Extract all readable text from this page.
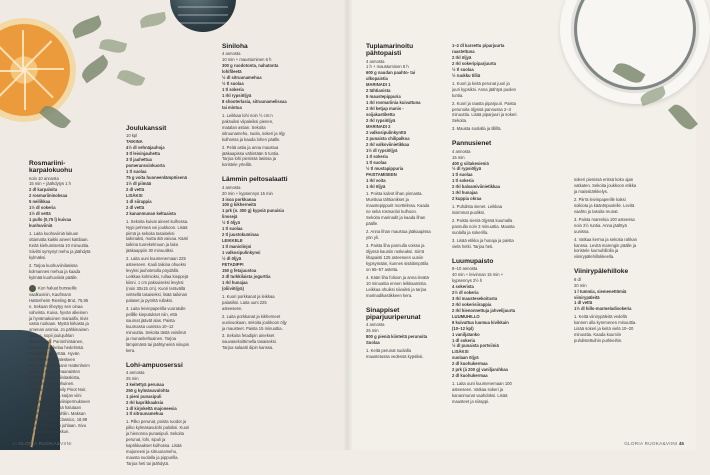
Rosmariini-karpalokuohu
noin 10 annosta
15 min + jäähdytys 1 h
2 dl karpaloita
2 rosmariininoksaa
5 neilikkaa
1½ dl sokeria
1½ dl vettä
1 pullo (0,75 l) kuivaa kuohuviiniä

1. Laita kuohuviiniä lukuun ottamatta kaikki aineet kattilaan. Keitä kiehumisesta 10 minuuttia. Siivilöi syntynyt mehu ja jäähdytä kylmäksi.

2. Tarjoa kuohuviinilasissa kolmannes mehua ja kaada kylmää kuohuviiniä päälle.

Kun haluat bursseille vaalkuvinin, Kaufmann Hattenheim Riesling Brut, 75,95 e, Sekaan tiheytyy sen oinaa vahvinta. Kuiva, hyvän alkeinen ja hyvämakuinen maraalfa, tiivis vasta ruokaan. Mystä kirkasta ja omenan aromia. Jo pähkinainen makua, sopii joulujuhlan kuohuntaan. Paroinhintainen, kotielu ja sukkelaa hedelmää. Viihdyttää ja viettää. Hyvän kivaleskeen, kivaleskeen kunnossa Kaufmann Hattenheim Riesling Brut, kanaanaisten lääkeksi Mystä viinitaskista, konsumenttinkuohuinen. Erinomainen Family Pinot Noir, 18,90 e, on upea sarjan viini vaniljalisin, punaviinipermukseen kun juhlapöydässä halutaan vivahteikkuutta juhliin. Maksan Antinori Chianti Classico, 18,99 e, on kokonainen juhlaan. Sivu on kuohuviiniherkkun.

Joulukanssit
10 kpl
TAIKINA
4½ dl vehnäjauhoja
3 tl leivinjauhetta
3 tl jauhettua pomeranssinkuorta
1 tl suolaa
75 g voita huoneenlämpöisenä
1½ dl piimää
2 dl vettä
LISÄKSI
1 dl siirappia
2 dl vettä
2 kananmunan keltuaista

1. Sekoita kuivat aineet kulhossa. Nypi pehmeä voi joukkoon. Lisää piimä ja sekoita tasaiseksi taikinaksi, mutta älä vaivaa. Kääri taikina tuorekelmuun ja laita jääkaappiin 30 minuutiksi.

2. Laita uuni kuumenemaan 225 asteeseen. Kauli taikina ohueksi levyksi jauhotetulla pöydällä. Leikkaa kolmioksi, rullaa kieppejä kiinni. 1 cm paksuiseksi levyksi (noin 30x15 cm). Kuori terävällä veitsellä tasaiseksi, lisää taikinan palaset ja pyöritä rullaksi.

3. Laita leivinpaperilla vuoratulle pellille kieputukset niin, että saumat jäävät alas. Paista kuumassa uunissa 10–12 minuuttia. Sekoita tästä voisilmä ja munankeltuainen. Tarjoa lämpimänä tai jäähtyneinä siirupin kera.

Lohi-ampuoserssi
4 annosta
25 min
3 keitettyä perunaa
250 g kylmäsavulohta
1 pieni punasipuli
2 rkl kaprikkaaksia
1 dl kirjokeltä majoneesia
1 tl sitruunamehua

1. Pilko perunat, poista ruodot ja pilko kylmäsavulohi paloiksi. Kuori ja hienonna punasipuli. Sekoita perunat, lohi, sipuli ja kaprikkaakset kulhossa. Lisää majoneesi ja sitruunamehu, mausta suolalla ja pippurilla. Tarjoa heti tai jäähdytä.

Siniloha
4 annosta
10 min + maustuminen 6 h
300 g ruodotonta, nahatonta lohifileetä
½ dl sitruunamehua
½ tl suolaa
1 tl sokeria
1 rkl rypsiöljyä
8 shooterlasia, sitruunamelissaa tai mintua

1. Leikkaa lohi noin ½ cm:n paksuiksi viipaleiksi pienen, matalan astian. Sekoita sitruunamehu, suola, sokeri ja öljy kulhossa ja kaada lohen päälle.

2. Peitä astia ja anna maustua jääkaapissa vähintään 6 tuntia. Tarjoa lohi pienissä lasissa ja koristele yrteillä.

Lämmin peltosalaatti
4 annosta
20 min + kypsennys 15 min
3 isoa porkkanaa
100 g kikherneitä
1 prk (n. 300 g) kypsiä punaisia linssejä
½ tl öljyä
1 tl suolaa
2 tl juustokuminaa
LEIKKELE
1 tl maniolinjoi
1 valkosipulinkynsi
½ dl öljyä
FETADIPPI
150 g fetajuustoa
2 dl turkkilaista jogurttia
1 rkl hunajaa
(oliiviöljyä)

1. Kuori porkkanat ja leikkaa palasiksi. Laita uuni 225 asteeseen.

2. Laita porkkanat ja kikherneet uunivuokaan, sekoita joukkoon öljy ja mausteet. Paista 15 minuuttia.

3. Sekoita fetadipin ainekset sauvasekoittimella tasaiseksi. Tarjoa salaatti dipin kanssa.

Tuplamarinoitu pähtopaisti
4 annosta
1 h + maustuminen 8 h
600 g naudan paahto- tai ulkopaistia
MARINADI 1
2 tähtianista
5 maustepippuria
1 rkl rosmariinia kuivattuna
2 rkl ketjap manis -soijakastiketta
2 rkl rypsiöljyä
MARINADI 2
2 valkosipulinkynttä
2 punaista chilipalkoa
2 rkl valkoviinietikkaa
1½ dl rypsiöljyä
1 tl sokeria
1 tl suolaa
½ tl mustapippuria
PAISTAMISEEN
1 rkl voita
1 rkl öljyä

1. Poista kalvot lihan pinnasta. Murskaa tähtianikset ja maustepippurit morttelissa. Kaada ne sekä rosmariini kulhoon. Sekoita marinadit ja kaada lihan päälle.

2. Anna lihan maustua jääkaapissa yön yli.

3. Paista liha pannulla voissa ja öljyssä kauniin ruskeaksi. Siirrä lihapaisti 125 asteeseen uuniin kypsymään, kunnes sisälämpötila on 55–57 astetta.

4. Kääri liha folioon ja anna levätä 10 minuuttia ennen leikkaamista. Leikkaa ohuiksi siivuiksi ja tarjoa marinadikastikkeen kera.

Sinappiset piparjuuriperunat
4 annosta
25 min
800 g pieniä kiinteitä perunoita
Suolaa

1. Keitä perunat suolalla maustetussa vedessä kypsiksi.

1–2 dl karsettu piparjuurta raastettuna
2 rkl öljyä
2 rkl sokeripiparjuurta
½ tl suolaa
½ ruukku tilliä

1. Kuori ja keitä perunat juuri ja juuri kypsiksi. Anna jäähtyä puolen tuntia.

2. Kuori ja raasta piparjuuri. Paista perunoita öljyssä pannussa 2–3 minuuttia. Lisää piparjuuri ja sokeri. Sekoita.

3. Mausta suolalla ja tillillä.

Pannusienet
4 annosta
15 min
400 g siitakesieniä
½ dl rypsiöljyä
1 tl suolaa
1 tl sokeria
2 rkl balsamiviinietikkaa
1 rkl hunajaa
2 kuppia okraa

1. Puhdista sienet. Leikkaa isoimmat puoliksi.

2. Paista sieniä öljyssä kuumalla pannulla noin 3 minuuttia. Mausta suolalla ja sokerilla.

3. Lisää etikka ja hunaja ja paista vielä hetki. Tarjoa heti.

Luumupaisto
8–10 annosta
40 min + leivinnan 15 min + kypsennys 2½ h
4 sokerista
2½ dl sokeria
3 rkl maustesekoitusta
2 rkl sokerisiirappia
2 rkl hienonnettuja jahvelijuurta
LUUMUHILLO
8 kuivattua luumua kivikkain (10–12 kpl)
1 vaniljatanko
1 dl sokeria
½ dl punaista portviiniä
LISÄKSI
suolaan öljyä
2 dl kuohukermaa
2 prk (á 200 g) vaniljarahkaa
2 dl kuohukermaa

1. Laita uuni kuumenemaan 100 asteeseen. Vatkaa sokeri ja kananmunat vaahdoksi. Lisää mausteet ja siirappi.

sokeri pienissä erissä koko ajan vatkaten. Sekoita joukkoon etikka ja maissitärkkelys.

2. Piirrä leivinpaperille kaksi soikiota ja kääntöpuolelle. Levitä vaahto ja tasoita reunat.

3. Paista marenkia 100 asteessa noin 2½ tuntia. Anna jäähtyä uunissa.

4. Vatkaa kerma ja sekoita rahkan kanssa. Levitä marengin päälle ja koristele luumuhillolla ja viinirypälehillokkeella.

Viinirypälehilloke
8 dl
20 min
1 l tummia, siemenettömiä viinirypäleitä
1 dl vettä
1½ dl hillo-marmeladisokeria

1. Keitä viinirypäleitä vedellä kannen alla kymmenen minuuttia. Lisää sokeri ja keitä vielä 10–20 minuuttia. Kaada kuumiin puhdistettuihin purkkeihin.

44 GLORIA RUOKA&VIINI	GLORIA RUOKA&VIINI 45
